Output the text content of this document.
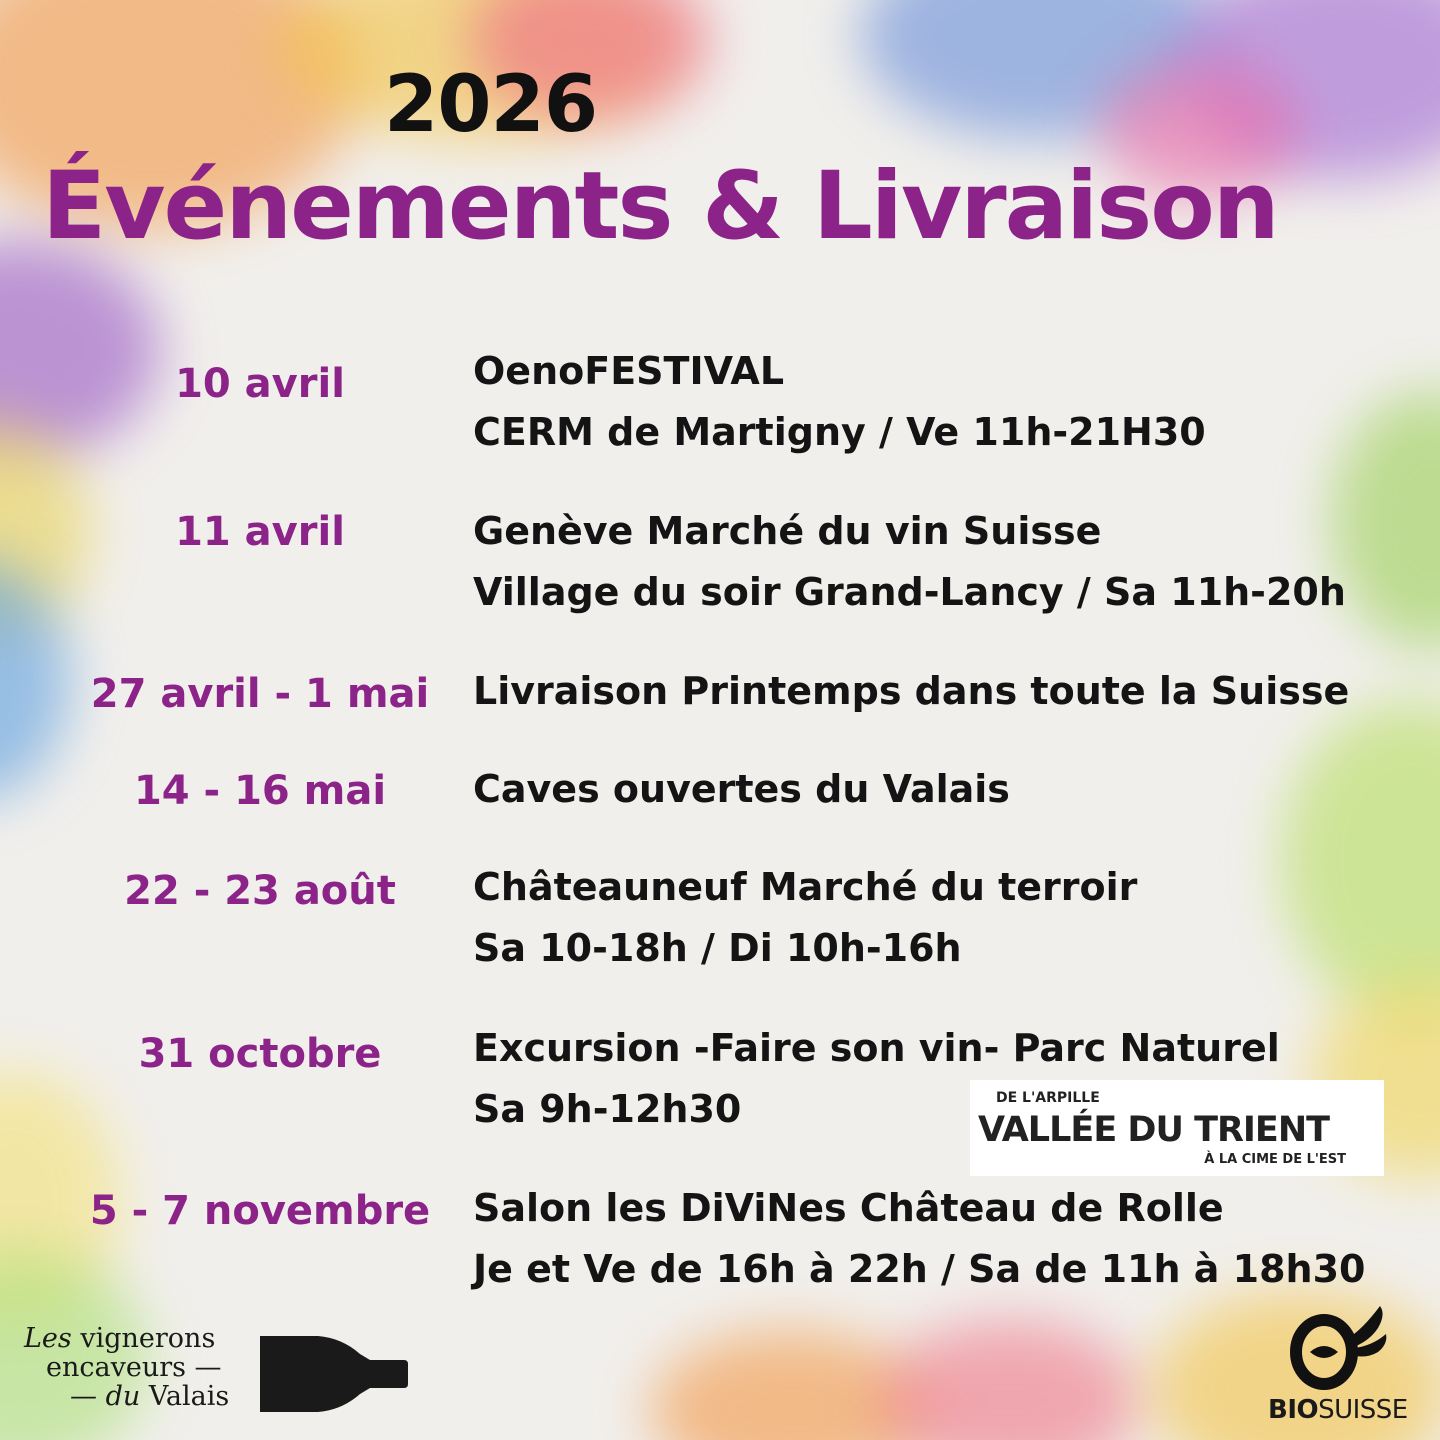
2026
Événements & Livraison
10 avril	OenoFESTIVAL
CERM de Martigny / Ve 11h-21H30
11 avril	Genève Marché du vin Suisse
Village du soir Grand-Lancy / Sa 11h-20h
27 avril - 1 mai	Livraison Printemps dans toute la Suisse
14 - 16 mai	Caves ouvertes du Valais
22 - 23 août	Châteauneuf Marché du terroir
Sa 10-18h / Di 10h-16h
31 octobre	Excursion -Faire son vin- Parc Naturel
Sa 9h-12h30
5 - 7 novembre	Salon les DiViNes Château de Rolle
Je et Ve de 16h à 22h / Sa de 11h à 18h30
DE L'ARPILLE
VALLÉE DU TRIENT
À LA CIME DE L'EST
Les vignerons
encaveurs —
— du Valais	BIOSUISSE
